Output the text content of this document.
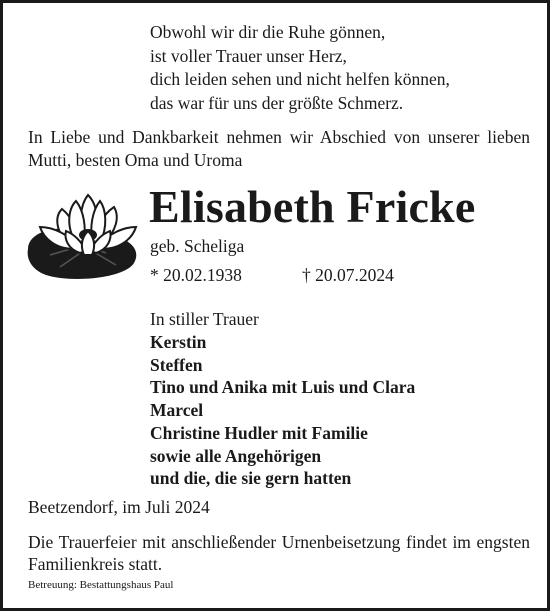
Obwohl wir dir die Ruhe gönnen,
ist voller Trauer unser Herz,
dich leiden sehen und nicht helfen können,
das war für uns der größte Schmerz.
In Liebe und Dankbarkeit nehmen wir Abschied von unserer lieben Mutti, besten Oma und Uroma
Elisabeth Fricke
geb. Scheliga
* 20.02.1938	† 20.07.2024
In stiller Trauer
Kerstin
Steffen
Tino und Anika mit Luis und Clara
Marcel
Christine Hudler mit Familie
sowie alle Angehörigen
und die, die sie gern hatten
Beetzendorf, im Juli 2024
Die Trauerfeier mit anschließender Urnenbeisetzung findet im engsten Familienkreis statt.
Betreuung: Bestattungshaus Paul
